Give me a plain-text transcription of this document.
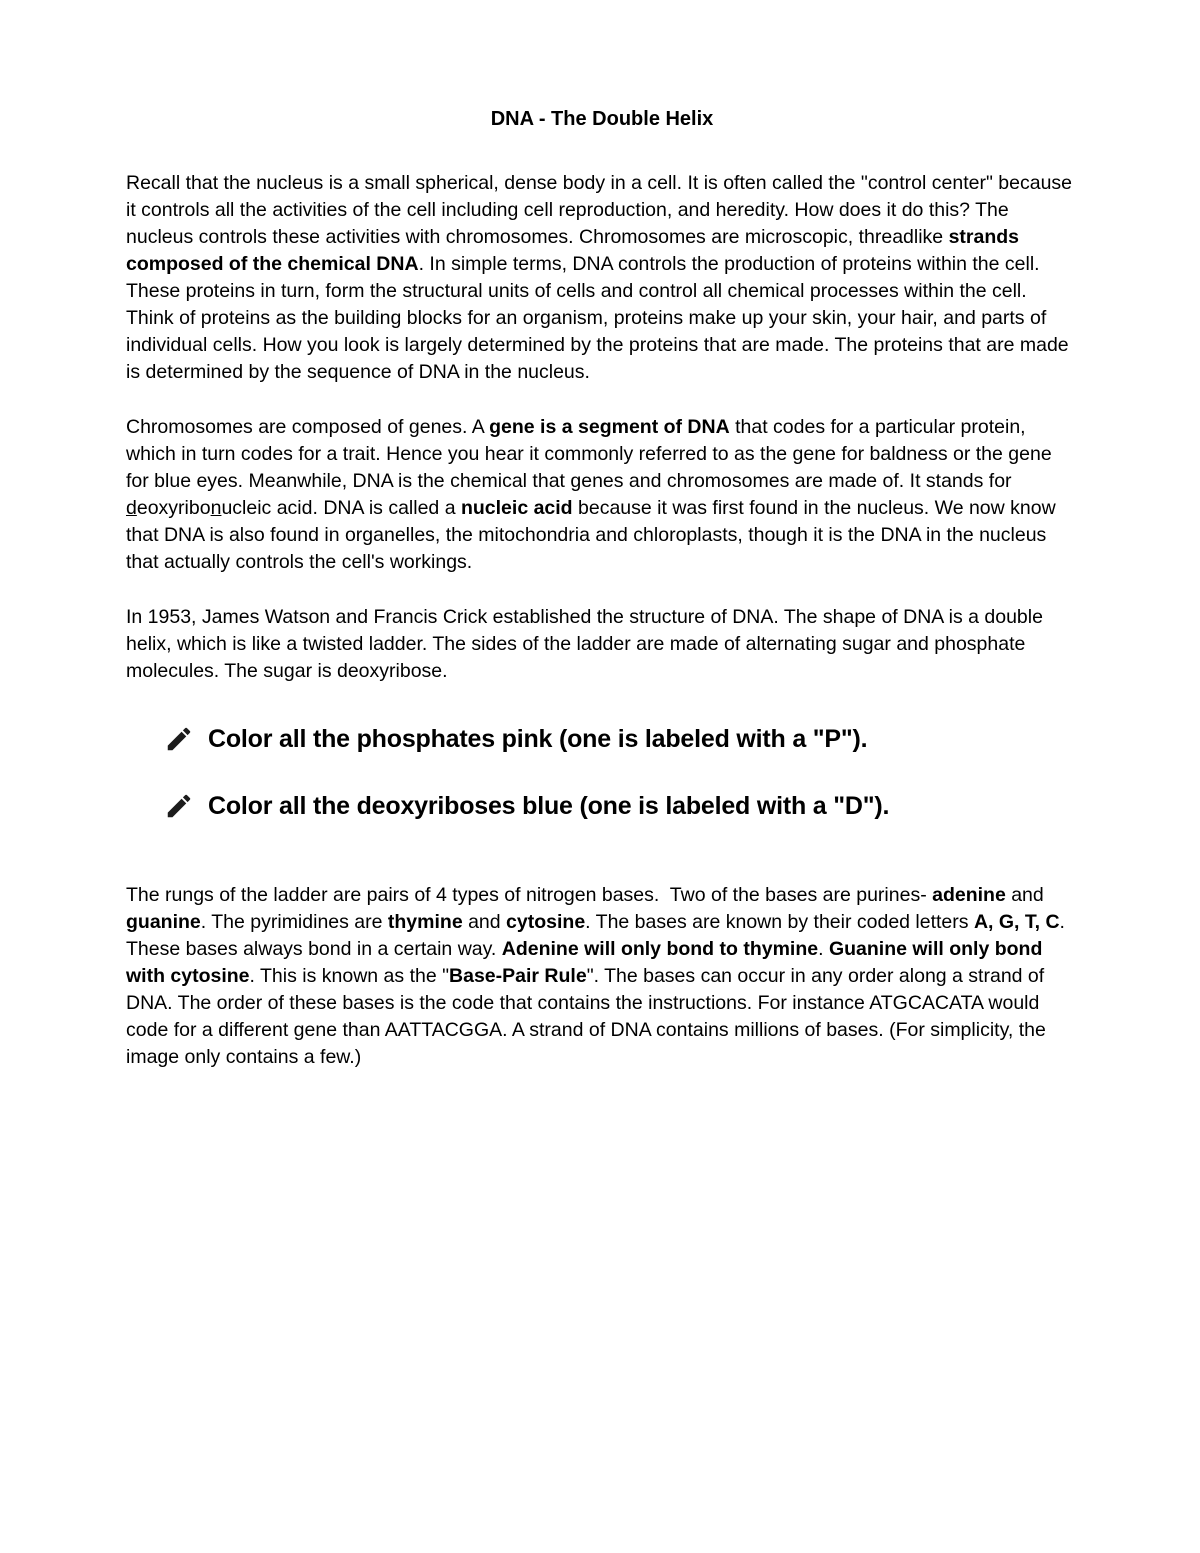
DNA - The Double Helix

Recall that the nucleus is a small spherical, dense body in a cell. It is often called the "control center" because it controls all the activities of the cell including cell reproduction, and heredity. How does it do this? The nucleus controls these activities with chromosomes. Chromosomes are microscopic, threadlike strands composed of the chemical DNA. In simple terms, DNA controls the production of proteins within the cell. These proteins in turn, form the structural units of cells and control all chemical processes within the cell. Think of proteins as the building blocks for an organism, proteins make up your skin, your hair, and parts of individual cells. How you look is largely determined by the proteins that are made. The proteins that are made is determined by the sequence of DNA in the nucleus.

Chromosomes are composed of genes. A gene is a segment of DNA that codes for a particular protein, which in turn codes for a trait. Hence you hear it commonly referred to as the gene for baldness or the gene for blue eyes. Meanwhile, DNA is the chemical that genes and chromosomes are made of. It stands for deoxyribonucleic acid. DNA is called a nucleic acid because it was first found in the nucleus. We now know that DNA is also found in organelles, the mitochondria and chloroplasts, though it is the DNA in the nucleus that actually controls the cell's workings.

In 1953, James Watson and Francis Crick established the structure of DNA. The shape of DNA is a double helix, which is like a twisted ladder. The sides of the ladder are made of alternating sugar and phosphate molecules. The sugar is deoxyribose.

Color all the phosphates pink (one is labeled with a "P").
Color all the deoxyriboses blue (one is labeled with a "D").

The rungs of the ladder are pairs of 4 types of nitrogen bases.  Two of the bases are purines- adenine and guanine. The pyrimidines are thymine and cytosine. The bases are known by their coded letters A, G, T, C. These bases always bond in a certain way. Adenine will only bond to thymine. Guanine will only bond with cytosine. This is known as the "Base-Pair Rule". The bases can occur in any order along a strand of DNA. The order of these bases is the code that contains the instructions. For instance ATGCACATA would code for a different gene than AATTACGGA. A strand of DNA contains millions of bases. (For simplicity, the image only contains a few.)
